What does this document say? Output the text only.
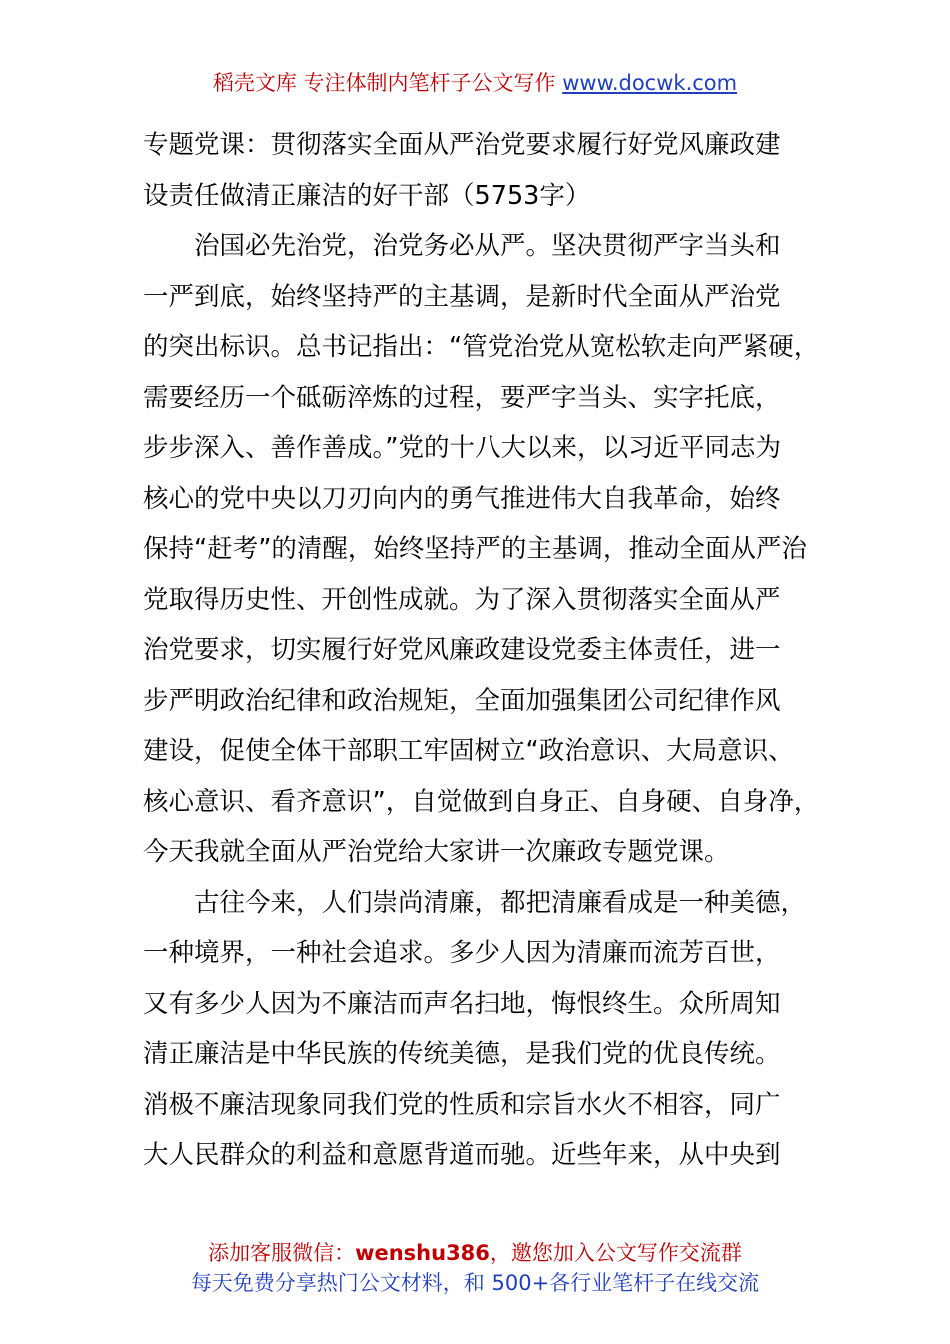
稻壳文库 专注体制内笔杆子公文写作 www.docwk.com

专题党课：贯彻落实全面从严治党要求履行好党风廉政建

设责任做清正廉洁的好干部（5753字）

治国必先治党，治党务必从严。坚决贯彻严字当头和

一严到底，始终坚持严的主基调，是新时代全面从严治党

的突出标识。总书记指出：“管党治党从宽松软走向严紧硬，

需要经历一个砥砺淬炼的过程，要严字当头、实字托底，

步步深入、善作善成。”党的十八大以来，以习近平同志为

核心的党中央以刀刃向内的勇气推进伟大自我革命，始终

保持“赶考”的清醒，始终坚持严的主基调，推动全面从严治

党取得历史性、开创性成就。为了深入贯彻落实全面从严

治党要求，切实履行好党风廉政建设党委主体责任，进一

步严明政治纪律和政治规矩，全面加强集团公司纪律作风

建设，促使全体干部职工牢固树立“政治意识、大局意识、

核心意识、看齐意识”，自觉做到自身正、自身硬、自身净，

今天我就全面从严治党给大家讲一次廉政专题党课。

古往今来，人们崇尚清廉，都把清廉看成是一种美德，

一种境界，一种社会追求。多少人因为清廉而流芳百世，

又有多少人因为不廉洁而声名扫地，悔恨终生。众所周知

清正廉洁是中华民族的传统美德，是我们党的优良传统。

消极不廉洁现象同我们党的性质和宗旨水火不相容，同广

大人民群众的利益和意愿背道而驰。近些年来，从中央到

添加客服微信：wenshu386，邀您加入公文写作交流群
每天免费分享热门公文材料，和 500+各行业笔杆子在线交流
